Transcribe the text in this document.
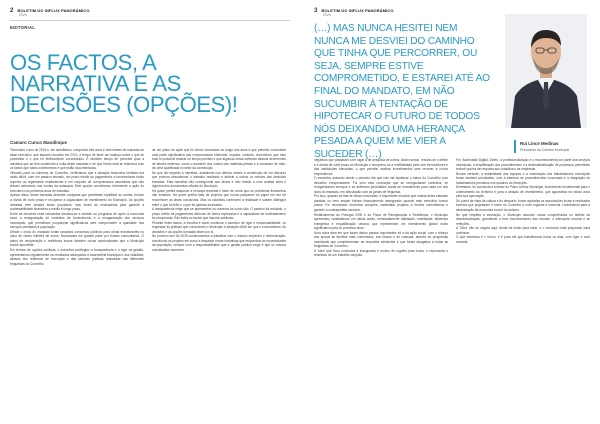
2 BOLETIM DO INFLUX PANORÂMICO
2024
EDITORIAL
OS FACTOS, A
NARRATIVA E AS
DECISÕES (OPÇÕES)!
Camaro Cunco Mandinque

Terminado o ano de 2024 e, em simultâneo, cumpridos três anos e dois meses de mandato do atual executivo, que assumiu funções em 2021, é tempo de fazer um balanço sobre o que foi prometido e o que foi efetivamente concretizado. É também tempo de perceber qual a narrativa que se tem construído à volta deste mandato e de que forma esta se relaciona com os factos que todos conhecemos e que estão documentados.

Olhando para os números do Concelho, verificamos que a situação financeira herdada era muito difícil, com um passivo elevado, um prazo médio de pagamentos a fornecedores muito superior ao legalmente estabelecido e um conjunto de compromissos assumidos que não tinham cabimento nas contas da autarquia. Este quadro condicionou fortemente a ação do executivo nos primeiros anos de mandato.

Apesar disso, foram tomadas decisões corajosas que permitiram equilibrar as contas, reduzir a dívida de curto prazo e recuperar a capacidade de investimento do Município. As opções tomadas nem sempre foram populares, mas foram as necessárias para garantir a sustentabilidade financeira a médio e longo prazo.

Entre as decisões mais relevantes destaca-se a adesão ao programa de apoio à economia local, a renegociação de contratos de fornecimento e a reorganização dos serviços municipais, que permitiram poupanças significativas sem comprometer a qualidade dos serviços prestados à população.

Desde o início do mandato foram lançados concursos públicos para obras estruturantes no valor de vários milhões de euros, financiadas em grande parte por fundos comunitários. O plano de recuperação e resiliência trouxe também novas oportunidades que o Município soube aproveitar.

Em termos de opções políticas, o executivo privilegiou a transparência e o rigor na gestão, apresentando regularmente os resultados alcançados à Assembleia Municipal e aos cidadãos, através dos relatórios de execução e das sessões públicas realizadas nas diferentes freguesias do Concelho.

de um plano de ação que foi sendo executado ao longo dos anos e que permitiu concretizar uma parte significativa dos compromissos eleitorais. Importa, contudo, reconhecer que nem tudo foi possível realizar no tempo previsto e que algumas obras sofreram atrasos decorrentes de fatores externos, como o aumento dos custos das matérias-primas e a escassez de mão-de-obra qualificada no setor da construção.

No que diz respeito à narrativa, assistimos nos últimos meses à construção de um discurso que procura desvalorizar o trabalho realizado e atribuir a outros os méritos das decisões tomadas. Esta narrativa não corresponde aos factos e não resiste a uma análise séria e rigorosa dos documentos oficiais do Município.

Há quem prefira esquecer a herança recebida e fazer de conta que os problemas financeiros não existiam. Há quem prefira falar de projetos que nunca passaram do papel em vez de reconhecer as obras concluídas. Mas os cidadãos conhecem a realidade e sabem distinguir entre o que foi feito e o que foi apenas anunciado.

A transparência exige que se apresentem os números tal como são. O passivo foi reduzido, o prazo médio de pagamentos diminuiu de forma expressiva e a capacidade de endividamento foi recuperada. São estes os factos que importa sublinhar.

Perante estes factos, a escolha é clara: continuar o caminho de rigor e responsabilidade, ou regressar às práticas que conduziram o Município à situação difícil em que o encontrámos. As decisões e as opções tomadas falam por si.

No próximo ano de 2025 continuaremos a trabalhar com o mesmo empenho e determinação, concluindo os projetos em curso e lançando novas iniciativas que respondam às necessidades da população, sempre com a responsabilidade que a gestão pública exige e que os nossos concidadãos merecem.

3 BOLETIM DO INFLUX PANORÂMICO
2024
(…) MAS NUNCA HESITEI NEM NUNCA ME DESVIEI DO CAMINHO QUE TINHA QUE PERCORRER, OU SEJA, SEMPRE ESTIVE COMPROMETIDO, E ESTAREI ATÉ AO FINAL DO MANDATO, EM NÃO SUCUMBIR À TENTAÇÃO DE HIPOTECAR O FUTURO DE TODOS NÓS DEIXANDO UMA HERANÇA PESADA A QUEM ME VIER A SUCEDER (…)
Rui Lince Medinas
Presidente da Câmara Municipal

negativos que passaram a ter lugar à de pesquisa de outros. Assim sendo, reduziu-se o défice e a dívida de curto prazo do Município e recuperou-se a credibilidade junto dos fornecedores e das instituições bancárias, o que permitiu realizar investimentos sem recorrer a novos empréstimos.

O executivo assumiu desde o primeiro dia que não iria hipotecar o futuro do Concelho com decisões irresponsáveis. Foi com esta convicção que se renegociaram contratos, se reorganizaram serviços e se definiram prioridades claras de investimento para cada um dos anos do mandato, em articulação com as juntas de freguesia.

Por isso, quando se fala de obras concluídas, é importante recordar que muitas delas estavam paradas ou nem sequer tinham financiamento assegurado quando este executivo tomou posse. Foi necessário encontrar soluções, candidatar projetos a fundos comunitários e garantir a contrapartida nacional.

Relativamente ao Portugal 2030 e ao Plano de Recuperação e Resiliência, o Município apresentou candidaturas em várias áreas, nomeadamente habitação, mobilidade, eficiência energética e requalificação urbana, que representam um investimento global muito significativo para os próximos anos.

Uma outra área em que foram dados passos importantes foi a da ação social, com o reforço dos apoios às famílias mais vulneráveis, aos idosos e às crianças, através de programas municipais que complementam as respostas existentes e que foram alargados a todas as freguesias do Concelho.

A 'obra' que ficou concluída e inaugurada é motivo de orgulho para todos, e representa o resultado de um trabalho conjunto.

Por 'Autoridade Digital, Direto', a profissionalização e o reconhecimento por parte dos serviços municipais, a simplificação dos procedimentos e a desmaterialização de processos permitiram reduzir prazos de resposta aos cidadãos e às empresas.

Noutra vertente, a estabilidade das equipas e a valorização dos trabalhadores municipais foram também prioridades, com a abertura de procedimentos concursais e a integração de trabalhadores precários nos quadros do Município.

Entretanto, foi concluída a revisão do Plano Diretor Municipal, instrumento fundamental para o ordenamento do território e para a atração de investimento, que aguardava há vários anos pela sua aprovação.

Do ponto de vista da cultura e do desporto, foram apoiadas as associações locais e realizados eventos que projetaram o nome do Concelho a nível regional e nacional, contribuindo para a dinamização da economia local e do turismo.

No que respeita à educação, o Município assumiu novas competências no âmbito da descentralização, garantindo o bom funcionamento das escolas, o transporte escolar e as refeições.

A 'Obra' não se esgota aqui. Ainda há muito para fazer, e o executivo está preparado para continuar.

O que interessa é o futuro, e é para ele que trabalhamos todos os dias, com rigor e com verdade.
